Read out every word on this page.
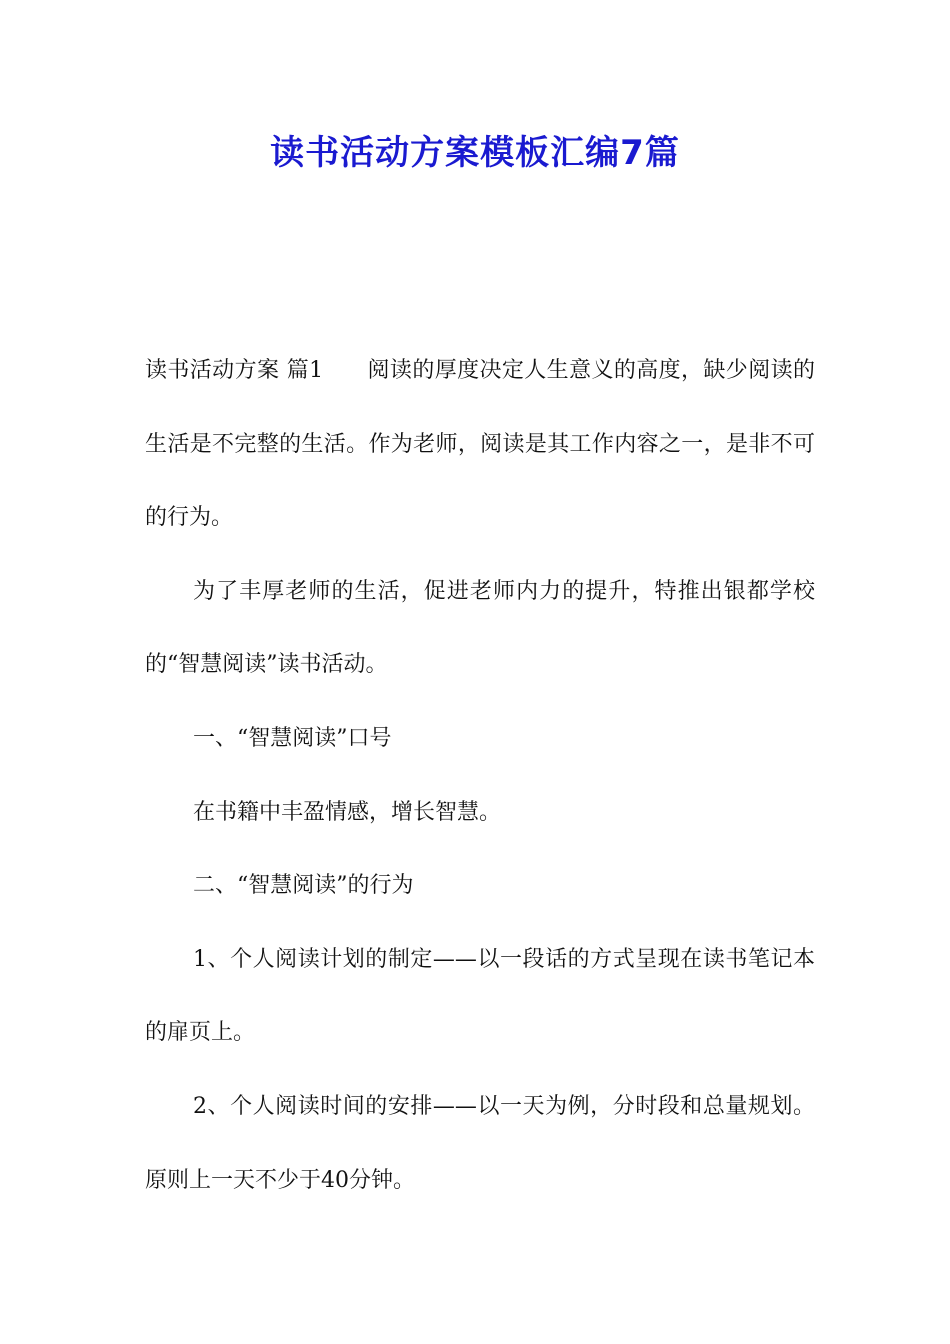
读书活动方案模板汇编7篇

读书活动方案 篇1 阅读的厚度决定人生意义的高度，缺少阅读的生活是不完整的生活。作为老师，阅读是其工作内容之一，是非不可的行为。

为了丰厚老师的生活，促进老师内力的提升，特推出银都学校的“智慧阅读”读书活动。

一、“智慧阅读”口号

在书籍中丰盈情感，增长智慧。

二、“智慧阅读”的行为

1、个人阅读计划的制定——以一段话的方式呈现在读书笔记本的扉页上。

2、个人阅读时间的安排——以一天为例，分时段和总量规划。原则上一天不少于40分钟。
